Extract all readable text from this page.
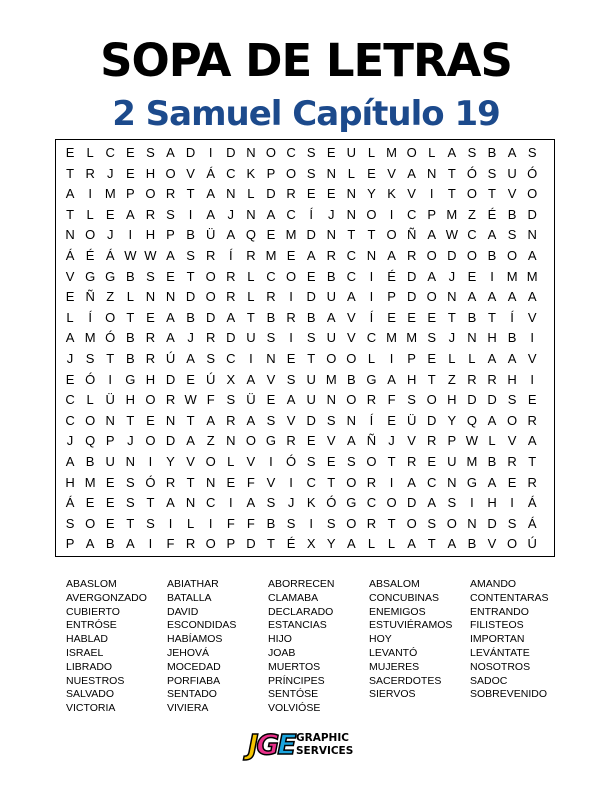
SOPA DE LETRAS
2 Samuel Capítulo 19
E L C E S A D	I	D N O C S E U L M O L A S B A S
T R J E H O V Á C K P O S N L E V A N T Ó S U Ó
A	I M P O R T A N L D R E E N Y K V	I	T O T V O
T L E A R S	I	A J N A C	Í	J N O	I	C P M Z É B D
N O J	I	H P B Ü A Q E M D N T T O Ñ A W C A S N
Á É Á W W A S R	Í	R M E A R C N A R O D O B O A
V G G B S E T O R L C O E B C	I	É D A J E	I M M
E Ñ Z L N N D O R L R	I	D U A	I	P D O N A A A A
L	Í	O T E A B D A T B R B A V	Í	E E E T B T	Í	V
A M Ó B R A J R D U S	I	S U V C M M S J N H B	I
J S T B R Ú A S C	I	N E T O O L	I	P E L L A A V
E Ó	I	G H D E Ú X A V S U M B G A H T Z R R H	I
C L Ü H O R W F S Ü E A U N O R F S O H D D S E
C O N T E N T A R A S V D S N	Í	E Ü D Y Q A O R
J Q P J O D A Z N O G R E V A Ñ J V R P W L V A
A B U N	I	Y V O L V	I	Ó S E S O T R E U M B R T
H M E S Ó R T N E F V	I	C T O R	I	A C N G A E R
Á E E S T A N C	I	A S J K Ó G C O D A S	I	H	I	Á
S O E T S	I	L	I	F F B S	I	S O R T O S O N D S Á
P A B A	I	F R O P D T É X Y A L L A T A B V O Ú
ABASLOM	ABIATHAR	ABORRECEN	ABSALOM	AMANDO
AVERGONZADO	BATALLA	CLAMABA	CONCUBINAS	CONTENTARAS
CUBIERTO	DAVID	DECLARADO	ENEMIGOS	ENTRANDO
ENTRÓSE	ESCONDIDAS	ESTANCIAS	ESTUVIÉRAMOS	FILISTEOS
HABLAD	HABÍAMOS	HIJO	HOY	IMPORTAN
ISRAEL	JEHOVÁ	JOAB	LEVANTÓ	LEVÁNTATE
LIBRADO	MOCEDAD	MUERTOS	MUJERES	NOSOTROS
NUESTROS	PORFIABA	PRÍNCIPES	SACERDOTES	SADOC
SALVADO	SENTADO	SENTÓSE	SIERVOS	SOBREVENIDO
VICTORIA	VIVIERA	VOLVIÓSE
JGE GRAPHIC
SERVICES
